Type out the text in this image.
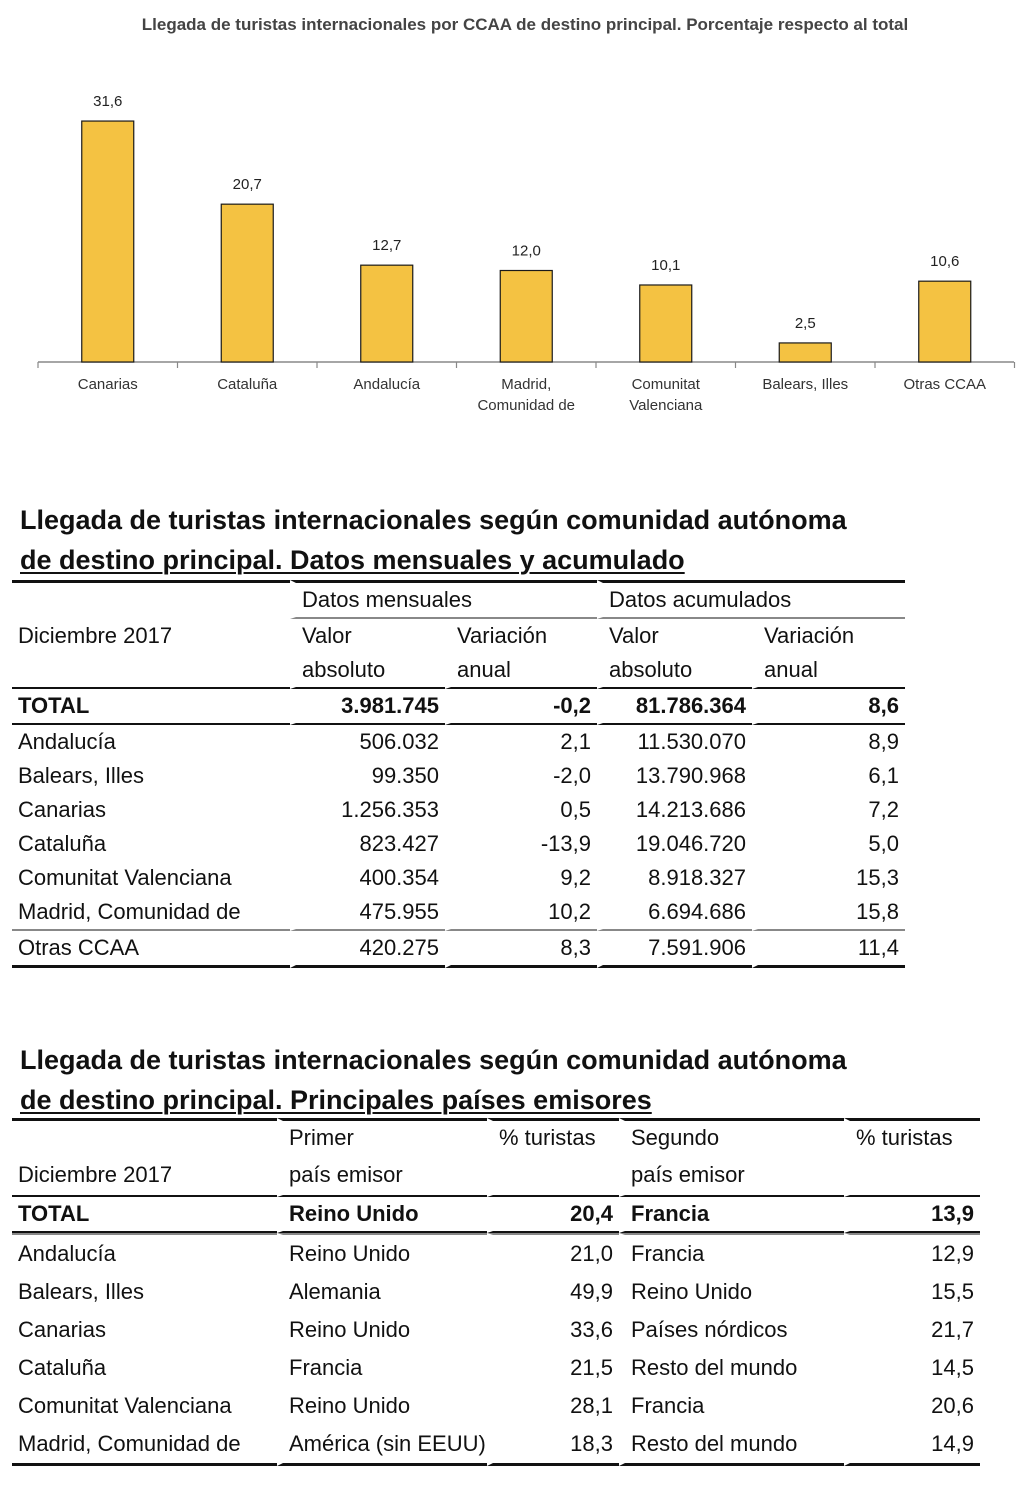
Llegada de turistas internacionales por CCAA de destino principal. Porcentaje respecto al total
31,6
20,7
12,7	12,0
10,1
2,5
10,6
Canarias	Cataluña	Andalucía	Madrid,
Comunidad de
Comunitat
Valenciana
Balears, Illes	Otras CCAA
Llegada de turistas internacionales según comunidad autónoma
de destino principal. Datos mensuales y acumulado
	Datos mensuales		Datos acumulados	
Diciembre 2017	Valor	Variación	Valor	Variación
	absoluto	anual	absoluto	anual
TOTAL	3.981.745	-0,2	81.786.364	8,6
Andalucía	506.032	2,1	11.530.070	8,9
Balears, Illes	99.350	-2,0	13.790.968	6,1
Canarias	1.256.353	0,5	14.213.686	7,2
Cataluña	823.427	-13,9	19.046.720	5,0
Comunitat Valenciana	400.354	9,2	8.918.327	15,3
Madrid, Comunidad de	475.955	10,2	6.694.686	15,8
Otras CCAA	420.275	8,3	7.591.906	11,4
Llegada de turistas internacionales según comunidad autónoma
de destino principal. Principales países emisores
	Primer	% turistas	Segundo	% turistas
Diciembre 2017	país emisor		país emisor	
TOTAL	Reino Unido	20,4	Francia	13,9
Andalucía	Reino Unido	21,0	Francia	12,9
Balears, Illes	Alemania	49,9	Reino Unido	15,5
Canarias	Reino Unido	33,6	Países nórdicos	21,7
Cataluña	Francia	21,5	Resto del mundo	14,5
Comunitat Valenciana	Reino Unido	28,1	Francia	20,6
Madrid, Comunidad de	América (sin EEUU)	18,3	Resto del mundo	14,9
